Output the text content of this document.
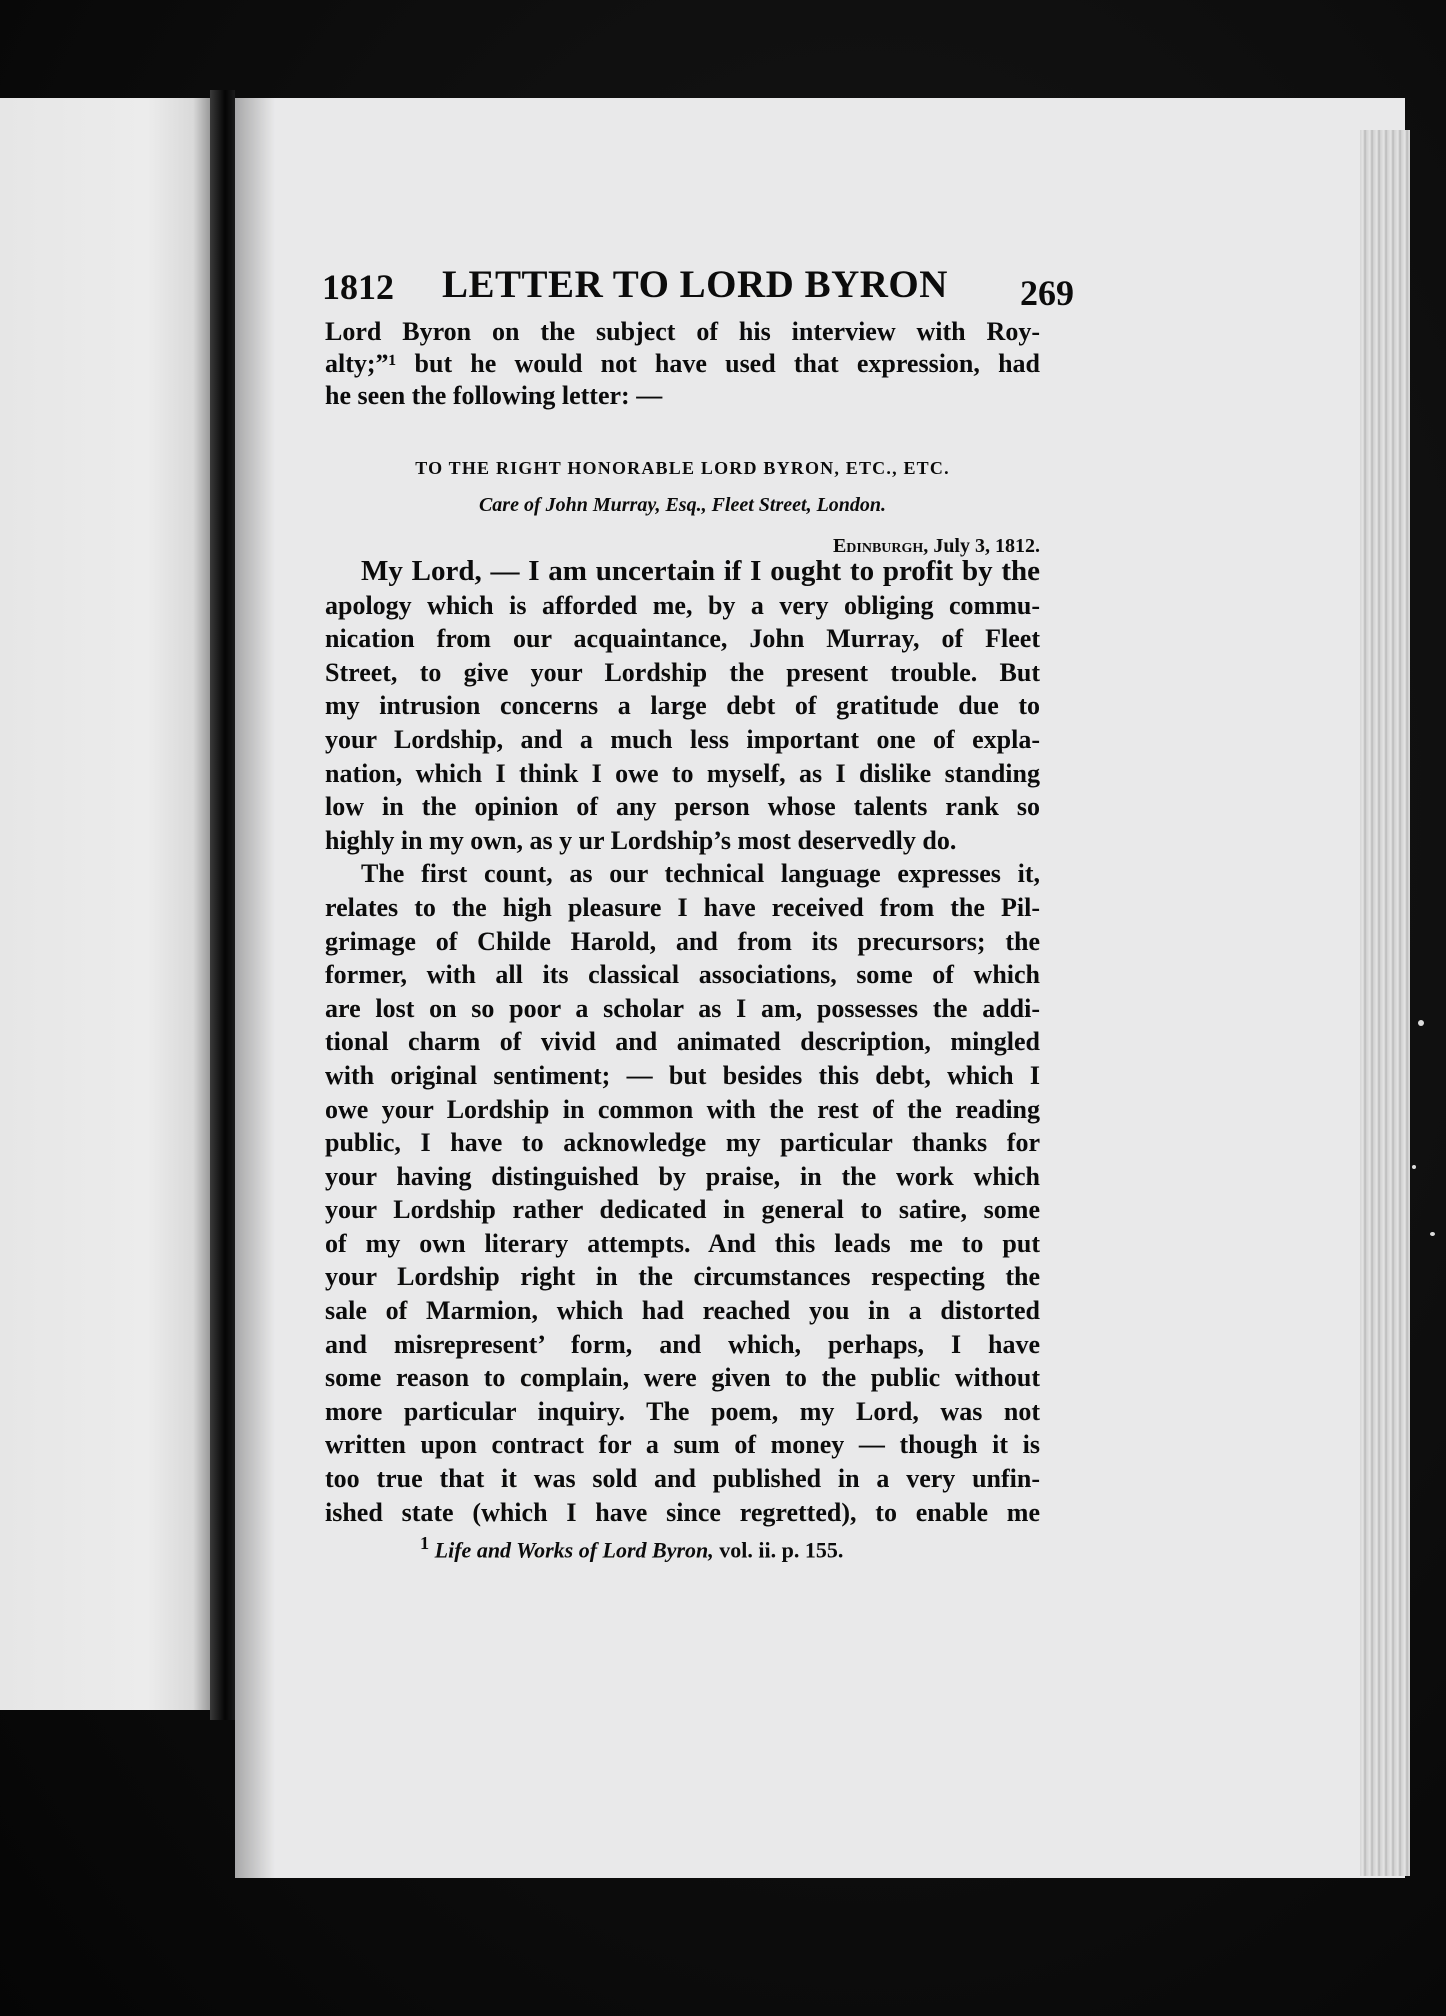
1812 LETTER TO LORD BYRON 269
Lord Byron on the subject of his interview with Roy-
alty;”¹ but he would not have used that expression, had
he seen the following letter: —
TO THE RIGHT HONORABLE LORD BYRON, ETC., ETC.
Care of John Murray, Esq., Fleet Street, London.
Edinburgh, July 3, 1812.
My Lord, — I am uncertain if I ought to profit by the
apology which is afforded me, by a very obliging commu-
nication from our acquaintance, John Murray, of Fleet
Street, to give your Lordship the present trouble. But
my intrusion concerns a large debt of gratitude due to
your Lordship, and a much less important one of expla-
nation, which I think I owe to myself, as I dislike standing
low in the opinion of any person whose talents rank so
highly in my own, as y ur Lordship’s most deservedly do.
The first count, as our technical language expresses it,
relates to the high pleasure I have received from the Pil-
grimage of Childe Harold, and from its precursors; the
former, with all its classical associations, some of which
are lost on so poor a scholar as I am, possesses the addi-
tional charm of vivid and animated description, mingled
with original sentiment; — but besides this debt, which I
owe your Lordship in common with the rest of the reading
public, I have to acknowledge my particular thanks for
your having distinguished by praise, in the work which
your Lordship rather dedicated in general to satire, some
of my own literary attempts. And this leads me to put
your Lordship right in the circumstances respecting the
sale of Marmion, which had reached you in a distorted
and misrepresent’ form, and which, perhaps, I have
some reason to complain, were given to the public without
more particular inquiry. The poem, my Lord, was not
written upon contract for a sum of money — though it is
too true that it was sold and published in a very unfin-
ished state (which I have since regretted), to enable me
$^1$ Life and Works of Lord Byron, vol. ii. p. 155.
